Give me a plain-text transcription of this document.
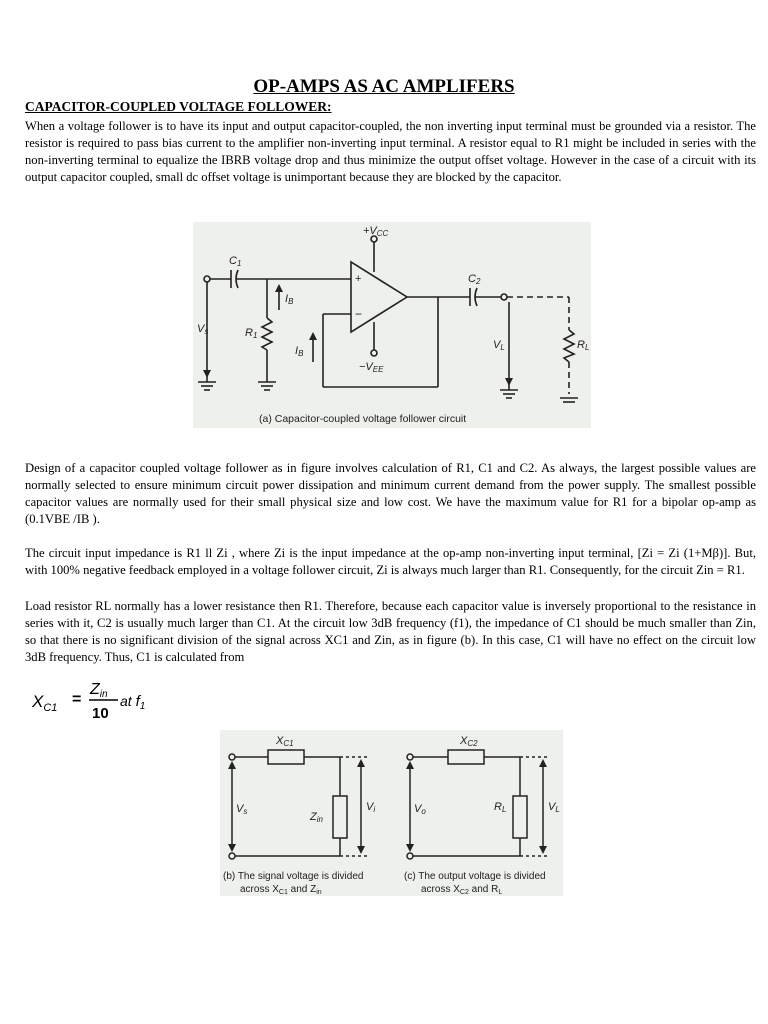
OP-AMPS AS AC AMPLIFERS
CAPACITOR-COUPLED VOLTAGE FOLLOWER:

When a voltage follower is to have its input and output capacitor-coupled, the non inverting input terminal must be grounded via a resistor. The resistor is required to pass bias current to the amplifier non-inverting input terminal. A resistor equal to R1 might be included in series with the non-inverting terminal to equalize the IBRB voltage drop and thus minimize the output offset voltage. However in the case of a circuit with its output capacitor coupled, small dc offset voltage is unimportant because they are blocked by the capacitor.

+
−
+VCC
−VEE
C1
C2
R1
IB
IB
Vs
VL	RL
(a) Capacitor-coupled voltage follower circuit

Design of a capacitor coupled voltage follower as in figure involves calculation of R1, C1 and C2. As always, the largest possible values are normally selected to ensure minimum circuit power dissipation and minimum current demand from the power supply. The smallest possible capacitor values are normally used for their small physical size and low cost. We have the maximum value for R1 for a bipolar op-amp as (0.1VBE /IB ).

The circuit input impedance is R1 ll Zi , where Zi is the input impedance at the op-amp non-inverting input terminal, [Zi = Zi (1+Mβ)]. But, with 100% negative feedback employed in a voltage follower circuit, Zi is always much larger than R1. Consequently, for the circuit Zin = R1.

Load resistor RL normally has a lower resistance then R1. Therefore, because each capacitor value is inversely proportional to the resistance in series with it, C2 is usually much larger than C1. At the circuit low 3dB frequency (f1), the impedance of C1 should be much smaller than Zin, so that there is no significant division of the signal across XC1 and Zin, as in figure (b). In this case, C1 will have no effect on the circuit low 3dB frequency. Thus, C1 is calculated from

$X_{C1}$ =
Zin
10
at $f_1$
XC1
Vs	Zin
Vi
XC2
Vo	RL	VL
(b) The signal voltage is divided
across $X_{C1}$ and $Z_{in}$
(c) The output voltage is divided
across $X_{C2}$ and $R_L$
